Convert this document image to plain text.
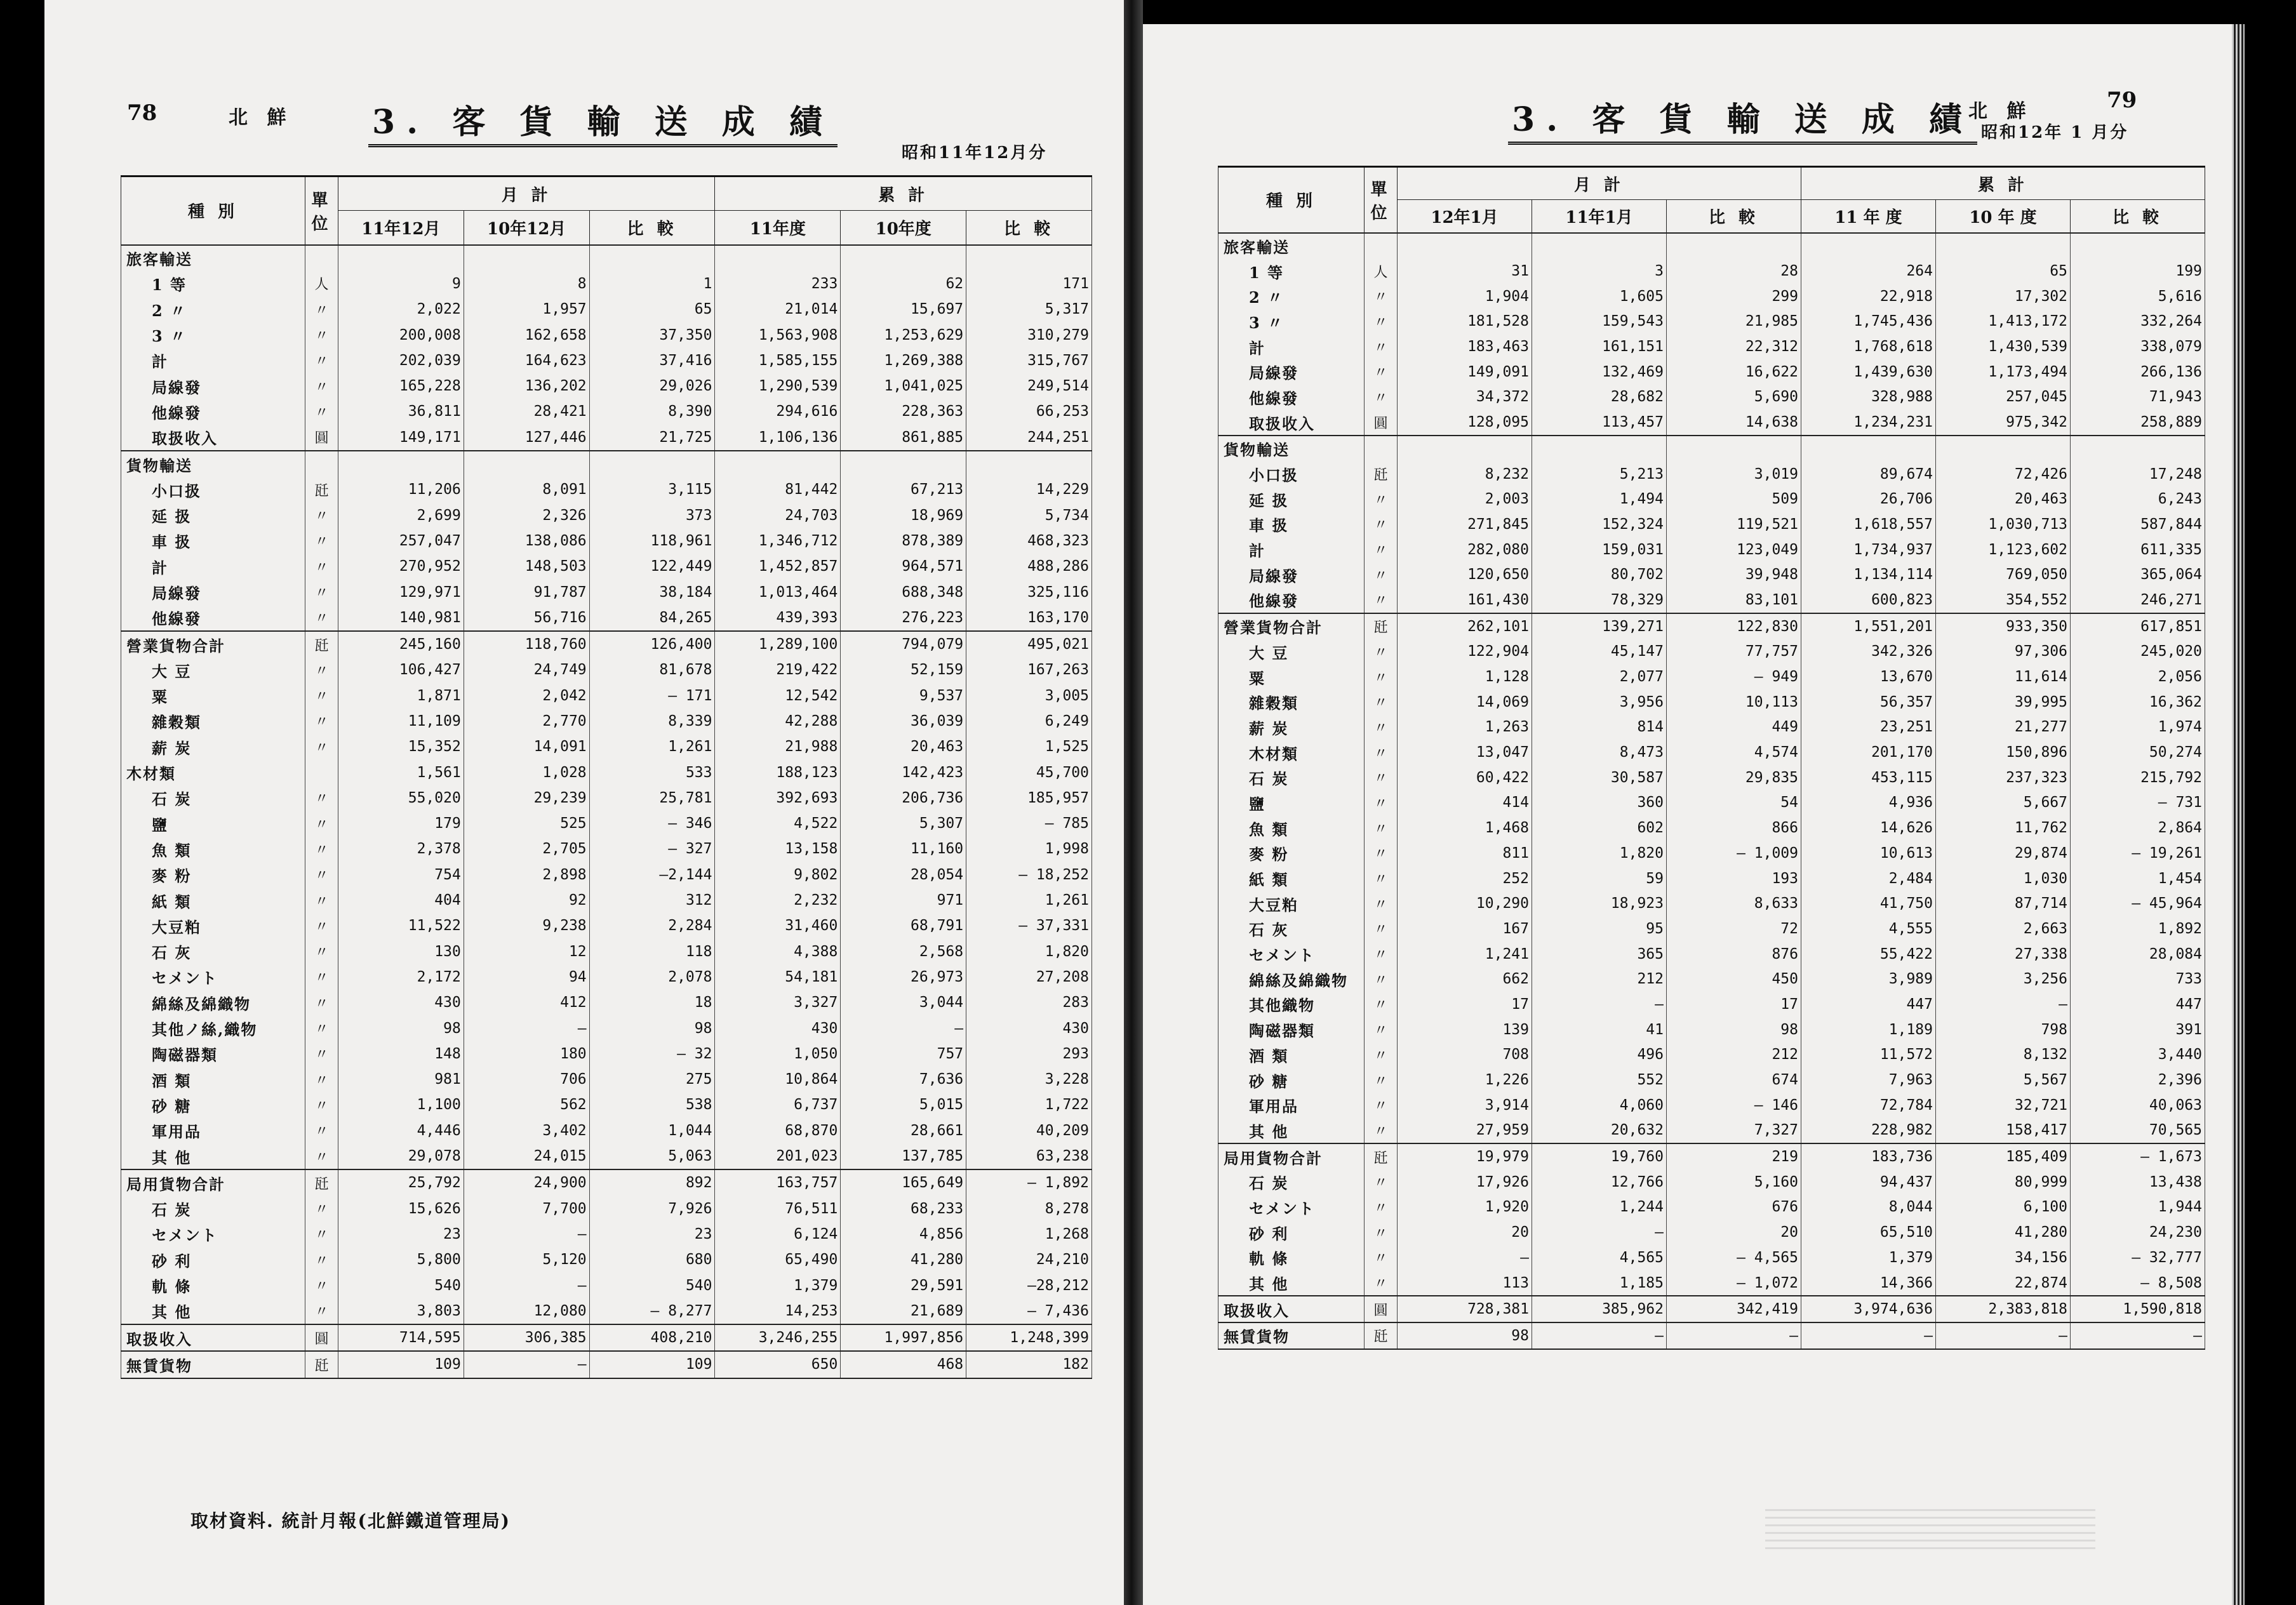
78	北 鮮 3. 客 貨 輸 送 成 績
昭和11年12月分
種 別	單 位	月 計			累 計		
		11年12月	10年12月	比 較	11年度	10年度	比 較
旅客輸送							
1 等	人	9	8	1	233	62	171
2 〃	〃	2,022	1,957	65	21,014	15,697	5,317
3 〃	〃	200,008	162,658	37,350	1,563,908	1,253,629	310,279
計	〃	202,039	164,623	37,416	1,585,155	1,269,388	315,767
局線發	〃	165,228	136,202	29,026	1,290,539	1,041,025	249,514
他線發	〃	36,811	28,421	8,390	294,616	228,363	66,253
取扱收入	圓	149,171	127,446	21,725	1,106,136	861,885	244,251
貨物輸送							
小口扱	瓩	11,206	8,091	3,115	81,442	67,213	14,229
延 扱	〃	2,699	2,326	373	24,703	18,969	5,734
車 扱	〃	257,047	138,086	118,961	1,346,712	878,389	468,323
計	〃	270,952	148,503	122,449	1,452,857	964,571	488,286
局線發	〃	129,971	91,787	38,184	1,013,464	688,348	325,116
他線發	〃	140,981	56,716	84,265	439,393	276,223	163,170
營業貨物合計	瓩	245,160	118,760	126,400	1,289,100	794,079	495,021
大 豆	〃	106,427	24,749	81,678	219,422	52,159	167,263
粟	〃	1,871	2,042	— 171	12,542	9,537	3,005
雜穀類	〃	11,109	2,770	8,339	42,288	36,039	6,249
薪 炭	〃	15,352	14,091	1,261	21,988	20,463	1,525
木材類		1,561	1,028	533	188,123	142,423	45,700
石 炭	〃	55,020	29,239	25,781	392,693	206,736	185,957
鹽	〃	179	525	— 346	4,522	5,307	— 785
魚 類	〃	2,378	2,705	— 327	13,158	11,160	1,998
麥 粉	〃	754	2,898	—2,144	9,802	28,054	— 18,252
紙 類	〃	404	92	312	2,232	971	1,261
大豆粕	〃	11,522	9,238	2,284	31,460	68,791	— 37,331
石 灰	〃	130	12	118	4,388	2,568	1,820
セメント	〃	2,172	94	2,078	54,181	26,973	27,208
綿絲及綿織物	〃	430	412	18	3,327	3,044	283
其他ノ絲,織物	〃	98	—	98	430	—	430
陶磁器類	〃	148	180	— 32	1,050	757	293
酒 類	〃	981	706	275	10,864	7,636	3,228
砂 糖	〃	1,100	562	538	6,737	5,015	1,722
軍用品	〃	4,446	3,402	1,044	68,870	28,661	40,209
其 他	〃	29,078	24,015	5,063	201,023	137,785	63,238
局用貨物合計	瓩	25,792	24,900	892	163,757	165,649	— 1,892
石 炭	〃	15,626	7,700	7,926	76,511	68,233	8,278
セメント	〃	23	—	23	6,124	4,856	1,268
砂 利	〃	5,800	5,120	680	65,490	41,280	24,210
軌 條	〃	540	—	540	1,379	29,591	—28,212
其 他	〃	3,803	12,080	— 8,277	14,253	21,689	— 7,436
取扱收入	圓	714,595	306,385	408,210	3,246,255	1,997,856	1,248,399
無賃貨物	瓩	109	—	109	650	468	182
取材資料. 統計月報(北鮮鐵道管理局)
3. 客 貨 輸 送 成 績
北 鮮	79
昭和12年 1 月分
種 別	單 位	月 計			累 計		
		12年1月	11年1月	比 較	11 年 度	10 年 度	比 較
旅客輸送							
1 等	人	31	3	28	264	65	199
2 〃	〃	1,904	1,605	299	22,918	17,302	5,616
3 〃	〃	181,528	159,543	21,985	1,745,436	1,413,172	332,264
計	〃	183,463	161,151	22,312	1,768,618	1,430,539	338,079
局線發	〃	149,091	132,469	16,622	1,439,630	1,173,494	266,136
他線發	〃	34,372	28,682	5,690	328,988	257,045	71,943
取扱收入	圓	128,095	113,457	14,638	1,234,231	975,342	258,889
貨物輸送							
小口扱	瓩	8,232	5,213	3,019	89,674	72,426	17,248
延 扱	〃	2,003	1,494	509	26,706	20,463	6,243
車 扱	〃	271,845	152,324	119,521	1,618,557	1,030,713	587,844
計	〃	282,080	159,031	123,049	1,734,937	1,123,602	611,335
局線發	〃	120,650	80,702	39,948	1,134,114	769,050	365,064
他線發	〃	161,430	78,329	83,101	600,823	354,552	246,271
營業貨物合計	瓩	262,101	139,271	122,830	1,551,201	933,350	617,851
大 豆	〃	122,904	45,147	77,757	342,326	97,306	245,020
粟	〃	1,128	2,077	— 949	13,670	11,614	2,056
雜穀類	〃	14,069	3,956	10,113	56,357	39,995	16,362
薪 炭	〃	1,263	814	449	23,251	21,277	1,974
木材類	〃	13,047	8,473	4,574	201,170	150,896	50,274
石 炭	〃	60,422	30,587	29,835	453,115	237,323	215,792
鹽	〃	414	360	54	4,936	5,667	— 731
魚 類	〃	1,468	602	866	14,626	11,762	2,864
麥 粉	〃	811	1,820	— 1,009	10,613	29,874	— 19,261
紙 類	〃	252	59	193	2,484	1,030	1,454
大豆粕	〃	10,290	18,923	8,633	41,750	87,714	— 45,964
石 灰	〃	167	95	72	4,555	2,663	1,892
セメント	〃	1,241	365	876	55,422	27,338	28,084
綿絲及綿織物	〃	662	212	450	3,989	3,256	733
其他織物	〃	17	—	17	447	—	447
陶磁器類	〃	139	41	98	1,189	798	391
酒 類	〃	708	496	212	11,572	8,132	3,440
砂 糖	〃	1,226	552	674	7,963	5,567	2,396
軍用品	〃	3,914	4,060	— 146	72,784	32,721	40,063
其 他	〃	27,959	20,632	7,327	228,982	158,417	70,565
局用貨物合計	瓩	19,979	19,760	219	183,736	185,409	— 1,673
石 炭	〃	17,926	12,766	5,160	94,437	80,999	13,438
セメント	〃	1,920	1,244	676	8,044	6,100	1,944
砂 利	〃	20	—	20	65,510	41,280	24,230
軌 條	〃	—	4,565	— 4,565	1,379	34,156	— 32,777
其 他	〃	113	1,185	— 1,072	14,366	22,874	— 8,508
取扱收入	圓	728,381	385,962	342,419	3,974,636	2,383,818	1,590,818
無賃貨物	瓩	98	—	—	—	—	—
